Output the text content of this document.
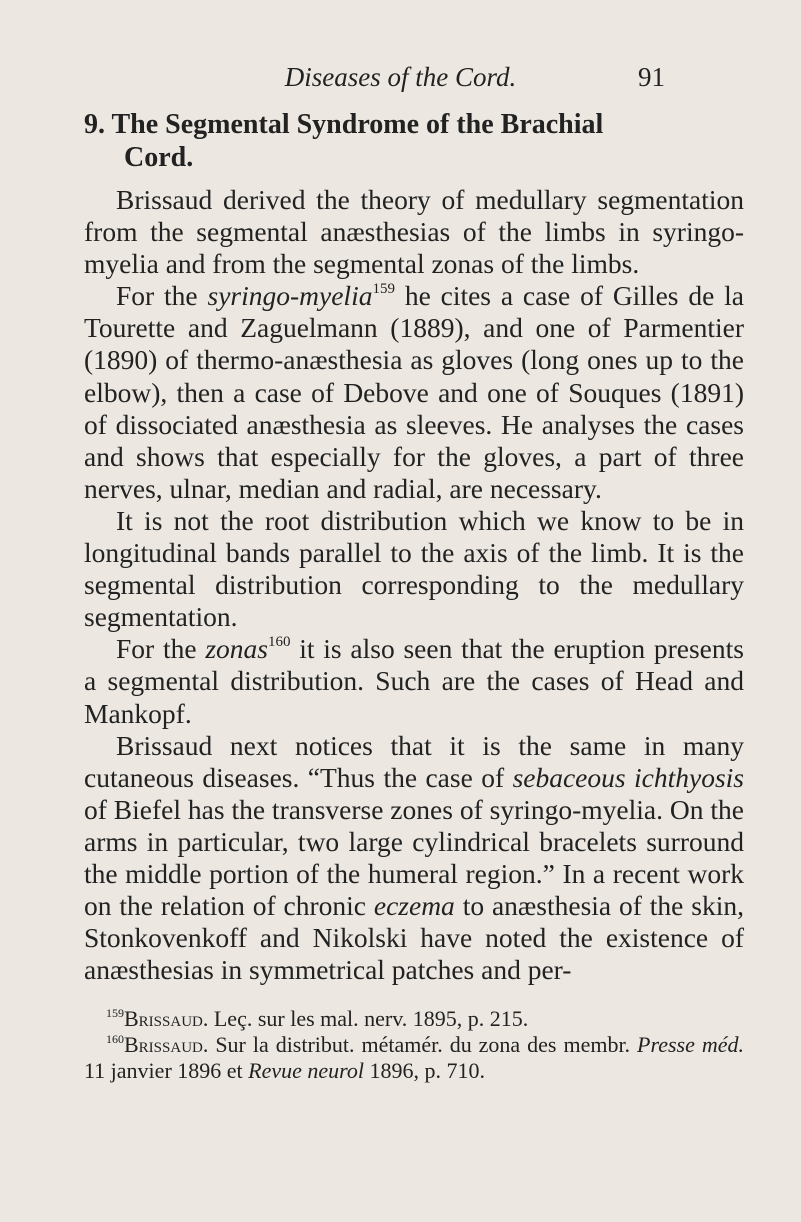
Diseases of the Cord.	91
9. The Segmental Syndrome of the Brachial
Cord.

Brissaud derived the theory of medullary segmentation from the segmental anæsthesias of the limbs in syringo-myelia and from the segmental zonas of the limbs.

For the syringo-myelia$^{159}$ he cites a case of Gilles de la Tourette and Zaguelmann (1889), and one of Parmentier (1890) of thermo-anæsthesia as gloves (long ones up to the elbow), then a case of Debove and one of Souques (1891) of dissociated anæsthesia as sleeves. He analyses the cases and shows that especially for the gloves, a part of three nerves, ulnar, median and radial, are necessary.

It is not the root distribution which we know to be in longitudinal bands parallel to the axis of the limb. It is the segmental distribution corresponding to the medullary segmentation.

For the zonas$^{160}$ it is also seen that the eruption presents a segmental distribution. Such are the cases of Head and Mankopf.

Brissaud next notices that it is the same in many cutaneous diseases. “Thus the case of sebaceous ichthyosis of Biefel has the transverse zones of syringo-myelia. On the arms in particular, two large cylindrical bracelets surround the middle portion of the humeral region.” In a recent work on the relation of chronic eczema to anæsthesia of the skin, Stonkovenkoff and Nikolski have noted the existence of anæsthesias in symmetrical patches and per-

$^{159}$Brissaud. Leç. sur les mal. nerv. 1895, p. 215.

$^{160}$Brissaud. Sur la distribut. métamér. du zona des membr. Presse méd. 11 janvier 1896 et Revue neurol 1896, p. 710.
